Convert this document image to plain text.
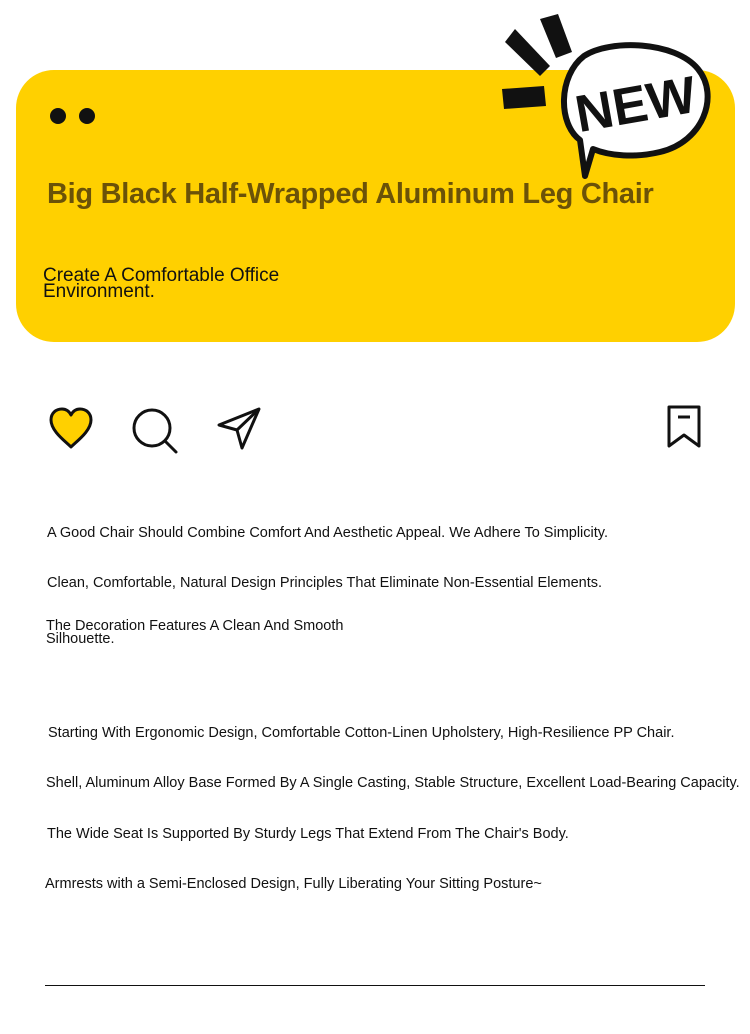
NEW
Big Black Half-Wrapped Aluminum Leg Chair

Create A Comfortable Office Environment.

A Good Chair Should Combine Comfort And Aesthetic Appeal. We Adhere To Simplicity.

Clean, Comfortable, Natural Design Principles That Eliminate Non-Essential Elements.

The Decoration Features A Clean And Smooth Silhouette.

Starting With Ergonomic Design, Comfortable Cotton-Linen Upholstery, High-Resilience PP Chair.

Shell, Aluminum Alloy Base Formed By A Single Casting, Stable Structure, Excellent Load-Bearing Capacity.

The Wide Seat Is Supported By Sturdy Legs That Extend From The Chair's Body.

Armrests with a Semi-Enclosed Design, Fully Liberating Your Sitting Posture~
